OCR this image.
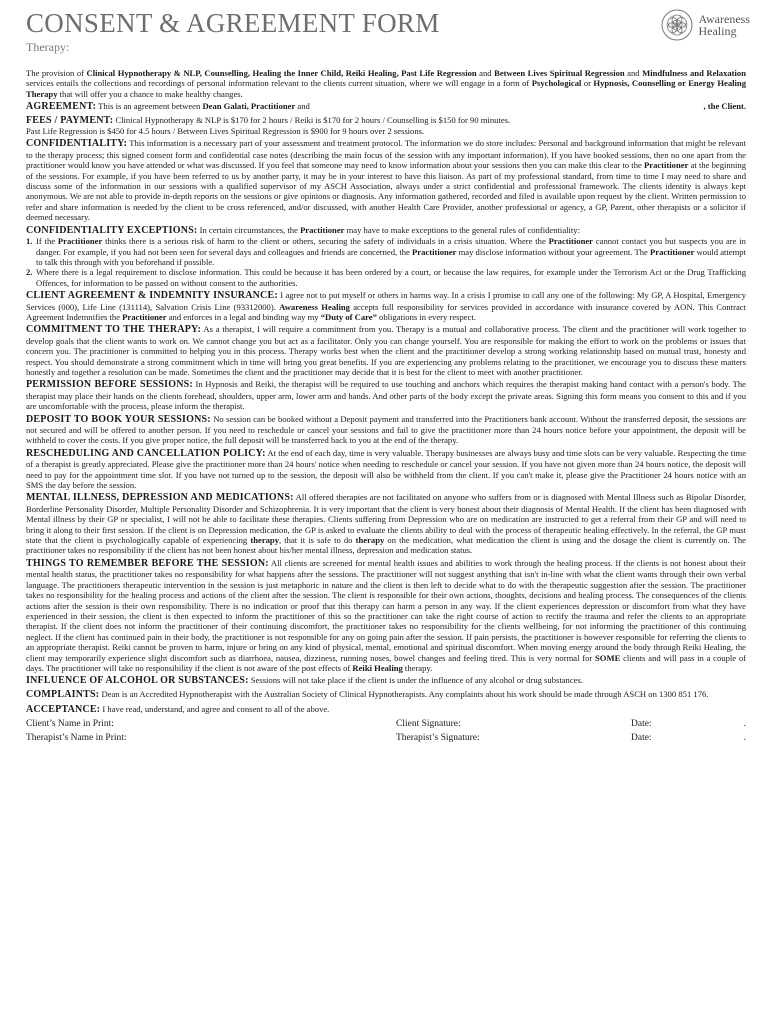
CONSENT & AGREEMENT FORM
Therapy:
Awareness
Healing

The provision of Clinical Hypnotherapy & NLP, Counselling, Healing the Inner Child, Reiki Healing, Past Life Regression and Between Lives Spiritual Regression and Mindfulness and Relaxation services entails the collections and recordings of personal information relevant to the clients current situation, where we will engage in a form of Psychological or Hypnosis, Counselling or Energy Healing Therapy that will offer you a chance to make healthy changes.

AGREEMENT: This is an agreement between Dean Galati, Practitioner and	, the Client.

FEES / PAYMENT: Clinical Hypnotherapy & NLP is $170 for 2 hours / Reiki is $170 for 2 hours / Counselling is $150 for 90 minutes.
Past Life Regression is $450 for 4.5 hours / Between Lives Spiritual Regression is $900 for 9 hours over 2 sessions.

CONFIDENTIALITY: This information is a necessary part of your assessment and treatment protocol. The information we do store includes: Personal and background information that might be relevant to the therapy process; this signed consent form and confidential case notes (describing the main focus of the session with any important information). If you have booked sessions, then no one apart from the practitioner would know you have attended or what was discussed. If you feel that someone may need to know information about your sessions then you can make this clear to the Practitioner at the beginning of the sessions. For example, if you have been referred to us by another party, it may be in your interest to have this liaison. As part of my professional standard, from time to time I may need to share and discuss some of the information in our sessions with a qualified supervisor of my ASCH Association, always under a strict confidential and professional framework. The clients identity is always kept anonymous. We are not able to provide in-depth reports on the sessions or give opinions or diagnosis. Any information gathered, recorded and filed is available upon request by the client. Written permission to refer and share information is needed by the client to be cross referenced, and/or discussed, with another Health Care Provider, another professional or agency, a GP, Parent, other therapists or a solicitor if deemed necessary.

CONFIDENTIALITY EXCEPTIONS: In certain circumstances, the Practitioner may have to make exceptions to the general rules of confidentiality:
1. If the Practitioner thinks there is a serious risk of harm to the client or others, securing the safety of individuals in a crisis situation. Where the Practitioner cannot contact you but suspects you are in danger. For example, if you had not been seen for several days and colleagues and friends are concerned, the Practitioner may disclose information without your agreement. The Practitioner would attempt to talk this through with you beforehand if possible.
2. Where there is a legal requirement to disclose information. This could be because it has been ordered by a court, or because the law requires, for example under the Terrorism Act or the Drug Trafficking Offences, for information to be passed on without consent to the authorities.

CLIENT AGREEMENT & INDEMNITY INSURANCE: I agree not to put myself or others in harms way. In a crisis I promise to call any one of the following: My GP, A Hospital, Emergency Services (000), Life Line (131114), Salvation Crisis Line (93312000). Awareness Healing accepts full responsibility for services provided in accordance with insurance covered by AON. This Contract Agreement Indemnifies the Practitioner and enforces in a legal and binding way my “Duty of Care” obligations in every respect.

COMMITMENT TO THE THERAPY: As a therapist, I will require a commitment from you. Therapy is a mutual and collaborative process. The client and the practitioner will work together to develop goals that the client wants to work on. We cannot change you but act as a facilitator. Only you can change yourself. You are responsible for making the effort to work on the problems or issues that concern you. The practitioner is committed to helping you in this process. Therapy works best when the client and the practitioner develop a strong working relationship based on mutual trust, honesty and respect. You should demonstrate a strong commitment which in time will bring you great benefits. If you are experiencing any problems relating to the practitioner, we encourage you to discuss these matters honestly and together a resolution can be made. Sometimes the client and the practitioner may decide that it is best for the client to meet with another practitioner.

PERMISSION BEFORE SESSIONS: In Hypnosis and Reiki, the therapist will be required to use touching and anchors which requires the therapist making hand contact with a person's body. The therapist may place their hands on the clients forehead, shoulders, upper arm, lower arm and hands. And other parts of the body except the private areas. Signing this form means you consent to this and if you are uncomfortable with the process, please inform the therapist.

DEPOSIT TO BOOK YOUR SESSIONS: No session can be booked without a Deposit payment and transferred into the Practitioners bank account. Without the transferred deposit, the sessions are not secured and will be offered to another person. If you need to reschedule or cancel your sessions and fail to give the practitioner more than 24 hours notice before your appointment, the deposit will be withheld to cover the costs. If you give proper notice, the full deposit will be transferred back to you at the end of the therapy.

RESCHEDULING AND CANCELLATION POLICY: At the end of each day, time is very valuable. Therapy businesses are always busy and time slots can be very valuable. Respecting the time of a therapist is greatly appreciated. Please give the practitioner more than 24 hours' notice when needing to reschedule or cancel your session. If you have not given more than 24 hours notice, the deposit will need to pay for the appointment time slot. If you have not turned up to the session, the deposit will also be withheld from the client. If you can't make it, please give the Practitioner 24 hours notice with an SMS the day before the session.

MENTAL ILLNESS, DEPRESSION AND MEDICATIONS: All offered therapies are not facilitated on anyone who suffers from or is diagnosed with Mental Illness such as Bipolar Disorder, Borderline Personality Disorder, Multiple Personality Disorder and Schizophrenia. It is very important that the client is very honest about their diagnosis of Mental Health. If the client has been diagnosed with Mental illness by their GP or specialist, I will not be able to facilitate these therapies. Clients suffering from Depression who are on medication are instructed to get a referral from their GP and will need to bring it along to their first session. If the client is on Depression medication, the GP is asked to evaluate the clients ability to deal with the process of therapeutic healing effectively. In the referral, the GP must state that the client is psychologically capable of experiencing therapy, that it is safe to do therapy on the medication, what medication the client is using and the dosage the client is currently on. The practitioner takes no responsibility if the client has not been honest about his/her mental illness, depression and medication status.

THINGS TO REMEMBER BEFORE THE SESSION: All clients are screened for mental health issues and abilities to work through the healing process. If the clients is not honest about their mental health status, the practitioner takes no responsibility for what happens after the sessions. The practitioner will not suggest anything that isn't in-line with what the client wants through their own verbal language. The practitioners therapeutic intervention in the session is just metaphoric in nature and the client is then left to decide what to do with the therapeutic suggestion after the session. The practitioner takes no responsibility for the healing process and actions of the client after the session. The client is responsible for their own actions, thoughts, decisions and healing process. The consequences of the clients actions after the session is their own responsibility. There is no indication or proof that this therapy can harm a person in any way. If the client experiences depression or discomfort from what they have experienced in their session, the client is then expected to inform the practitioner of this so the practitioner can take the right course of action to rectify the trauma and refer the clients to an appropriate therapist. If the client does not inform the practitioner of their continuing discomfort, the practitioner takes no responsibility for the clients wellbeing, for not informing the practitioner of this continuing neglect. If the client has continued pain in their body, the practitioner is not responsible for any on going pain after the session. If pain persists, the practitioner is however responsible for referring the clients to an appropriate therapist. Reiki cannot be proven to harm, injure or bring on any kind of physical, mental, emotional and spiritual discomfort. When moving energy around the body through Reiki Healing, the client may temporarily experience slight discomfort such as diarrhoea, nausea, dizziness, running noses, bowel changes and feeling tired. This is very normal for SOME clients and will pass in a couple of days. The practitioner will take no responsibility if the client is not aware of the post effects of Reiki Healing therapy.

INFLUENCE OF ALCOHOL OR SUBSTANCES: Sessions will not take place if the client is under the influence of any alcohol or drug substances.

COMPLAINTS: Dean is an Accredited Hypnotherapist with the Australian Society of Clinical Hypnotherapists. Any complaints about his work should be made through ASCH on 1300 851 176.

ACCEPTANCE: I have read, understand, and agree and consent to all of the above.

Client’s Name in Print:	Client Signature:	Date:	.
Therapist’s Name in Print:	Therapist’s Signature:	Date:	.
